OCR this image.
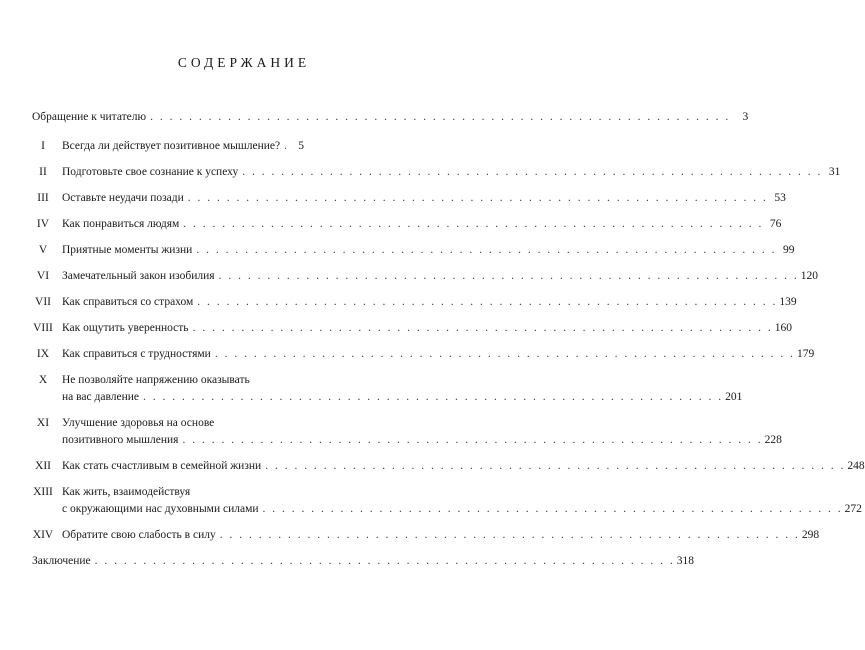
СОДЕРЖАНИЕ
Обращение к читателю . . . . . . . . . . . . . . . . . . . . . . . . . . . . . . . . . . . . . . . . . . . . . . . . . . . . . . . . . . . .	3
I	Всегда ли действует позитивное мышление?	5
II	Подготовьте свое сознание к успеху . . . . . . . . . . . . . . . . . . . . . . . . . . . . . . . . . . . . . . . . . . . . . . . . . . . . . . . . . . . . 31
III	Оставьте неудачи позади . . . . . . . . . . . . . . . . . . . . . . . . . . . . . . . . . . . . . . . . . . . . . . . . . . . . . . . . . . . . 53
IV	Как понравиться людям . . . . . . . . . . . . . . . . . . . . . . . . . . . . . . . . . . . . . . . . . . . . . . . . . . . . . . . . . . . . 76
V	Приятные моменты жизни . . . . . . . . . . . . . . . . . . . . . . . . . . . . . . . . . . . . . . . . . . . . . . . . . . . . . . . . . . . . 99
VI	Замечательный закон изобилия . . . . . . . . . . . . . . . . . . . . . . . . . . . . . . . . . . . . . . . . . . . . . . . . . . . . . . . . . . . . 120
VII Как справиться со страхом . . . . . . . . . . . . . . . . . . . . . . . . . . . . . . . . . . . . . . . . . . . . . . . . . . . . . . . . . . . . 139
VIII Как ощутить уверенность . . . . . . . . . . . . . . . . . . . . . . . . . . . . . . . . . . . . . . . . . . . . . . . . . . . . . . . . . . . . 160
IX	Как справиться с трудностями . . . . . . . . . . . . . . . . . . . . . . . . . . . . . . . . . . . . . . . . . . . . . . . . . . . . . . . . . . . . 179
X	Не позволяйте напряжению оказывать
на вас давление . . . . . . . . . . . . . . . . . . . . . . . . . . . . . . . . . . . . . . . . . . . . . . . . . . . . . . . . . . . . 201
XI	Улучшение здоровья на основе
позитивного мышления . . . . . . . . . . . . . . . . . . . . . . . . . . . . . . . . . . . . . . . . . . . . . . . . . . . . . . . . . . . . 228
XII Как стать счастливым в семейной жизни . . . . . . . . . . . . . . . . . . . . . . . . . . . . . . . . . . . . . . . . . . . . . . . . . . . . . . . . . . . . 248
XIII Как жить, взаимодействуя
с окружающими нас духовными силами . . . . . . . . . . . . . . . . . . . . . . . . . . . . . . . . . . . . . . . . . . . . . . . . . . . . . . . . . . . . 272
XIV Обратите свою слабость в силу . . . . . . . . . . . . . . . . . . . . . . . . . . . . . . . . . . . . . . . . . . . . . . . . . . . . . . . . . . . . 298
Заключение . . . . . . . . . . . . . . . . . . . . . . . . . . . . . . . . . . . . . . . . . . . . . . . . . . . . . . . . . . . . 318
